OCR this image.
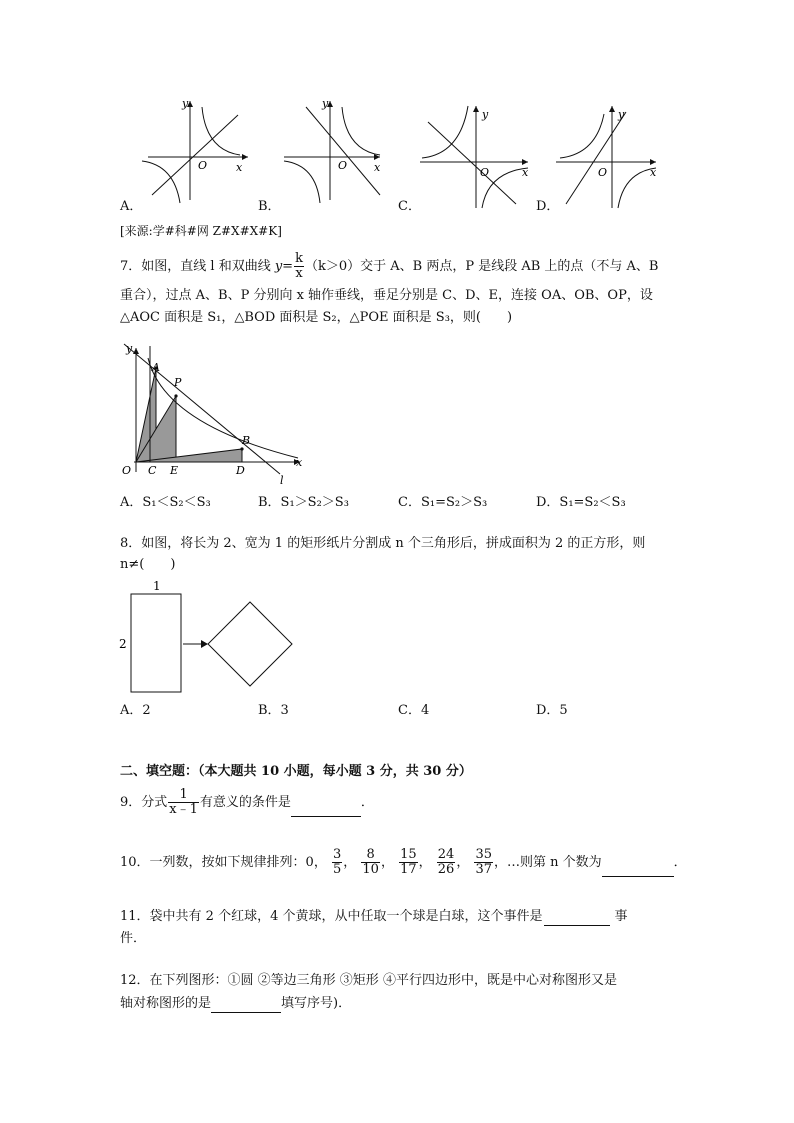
y
x
O
y
x
O
y
x
O
y
x
O
A．	B．	C．	D．
[来源:学#科#网 Z#X#X#K]
7．如图，直线 l 和双曲线 $y= \frac{k}{x} (k>0)$交于 A、B 两点，P 是线段 AB 上的点（不与 A、B
重合），过点 A、B、P 分别向 x 轴作垂线，垂足分别是 C、D、E，连接 OA、OB、OP，设
△AOC 面积是 S₁，△BOD 面积是 S₂，△POE 面积是 S₃，则(　　)
y
x
A
P
B
O C E	D
l
A．S₁＜S₂＜S₃	B．S₁＞S₂＞S₃	C．S₁=S₂＞S₃	D．S₁=S₂＜S₃
8．如图，将长为 2、宽为 1 的矩形纸片分割成 n 个三角形后，拼成面积为 2 的正方形，则
n≠(　　)
1
2
A．2	B．3	C．4	D．5
二、填空题：（本大题共 10 小题，每小题 3 分，共 30 分）
9．分式 $\frac{1}{x﹣1}$ 有意义的条件是	．
10．一列数，按如下规律排列：0， $\frac{3}{5}$ ， $\frac{8}{10}$ ， $\frac{15}{17}$ ， $\frac{24}{26}$ ， $\frac{35}{37}$ ，…则第 n 个数为	．
11．袋中共有 2 个红球，4 个黄球，从中任取一个球是白球，这个事件是	事
件．
12．在下列图形：①圆 ②等边三角形 ③矩形 ④平行四边形中，既是中心对称图形又是
轴对称图形的是	填写序号)．
